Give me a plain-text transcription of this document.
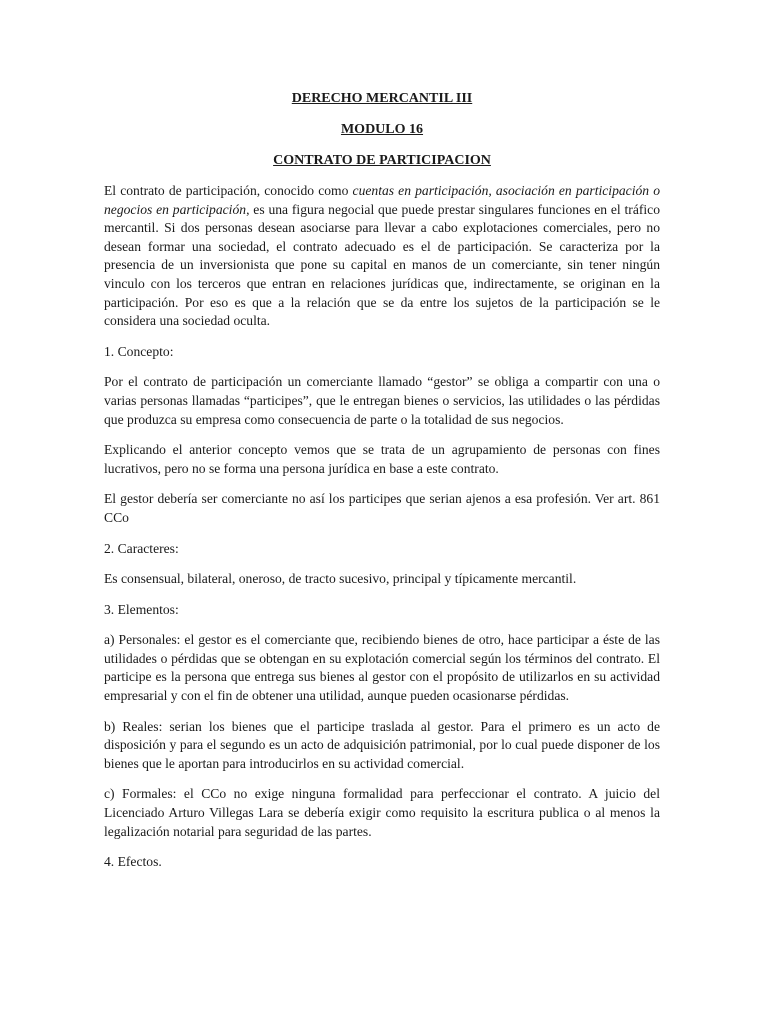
DERECHO MERCANTIL III
MODULO 16
CONTRATO DE PARTICIPACION

El contrato de participación, conocido como cuentas en participación, asociación en participación o negocios en participación, es una figura negocial que puede prestar singulares funciones en el tráfico mercantil. Si dos personas desean asociarse para llevar a cabo explotaciones comerciales, pero no desean formar una sociedad, el contrato adecuado es el de participación. Se caracteriza por la presencia de un inversionista que pone su capital en manos de un comerciante, sin tener ningún vinculo con los terceros que entran en relaciones jurídicas que, indirectamente, se originan en la participación. Por eso es que a la relación que se da entre los sujetos de la participación se le considera una sociedad oculta.

1. Concepto:

Por el contrato de participación un comerciante llamado “gestor” se obliga a compartir con una o varias personas llamadas “participes”, que le entregan bienes o servicios, las utilidades o las pérdidas que produzca su empresa como consecuencia de parte o la totalidad de sus negocios.

Explicando el anterior concepto vemos que se trata de un agrupamiento de personas con fines lucrativos, pero no se forma una persona jurídica en base a este contrato.

El gestor debería ser comerciante no así los participes que serian ajenos a esa profesión. Ver art. 861 CCo

2. Caracteres:

Es consensual, bilateral, oneroso, de tracto sucesivo, principal y típicamente mercantil.

3. Elementos:

a) Personales: el gestor es el comerciante que, recibiendo bienes de otro, hace participar a éste de las utilidades o pérdidas que se obtengan en su explotación comercial según los términos del contrato. El participe es la persona que entrega sus bienes al gestor con el propósito de utilizarlos en su actividad empresarial y con el fin de obtener una utilidad, aunque pueden ocasionarse pérdidas.

b) Reales: serian los bienes que el participe traslada al gestor. Para el primero es un acto de disposición y para el segundo es un acto de adquisición patrimonial, por lo cual puede disponer de los bienes que le aportan para introducirlos en su actividad comercial.

c) Formales: el CCo no exige ninguna formalidad para perfeccionar el contrato. A juicio del Licenciado Arturo Villegas Lara se debería exigir como requisito la escritura publica o al menos la legalización notarial para seguridad de las partes.

4. Efectos.
